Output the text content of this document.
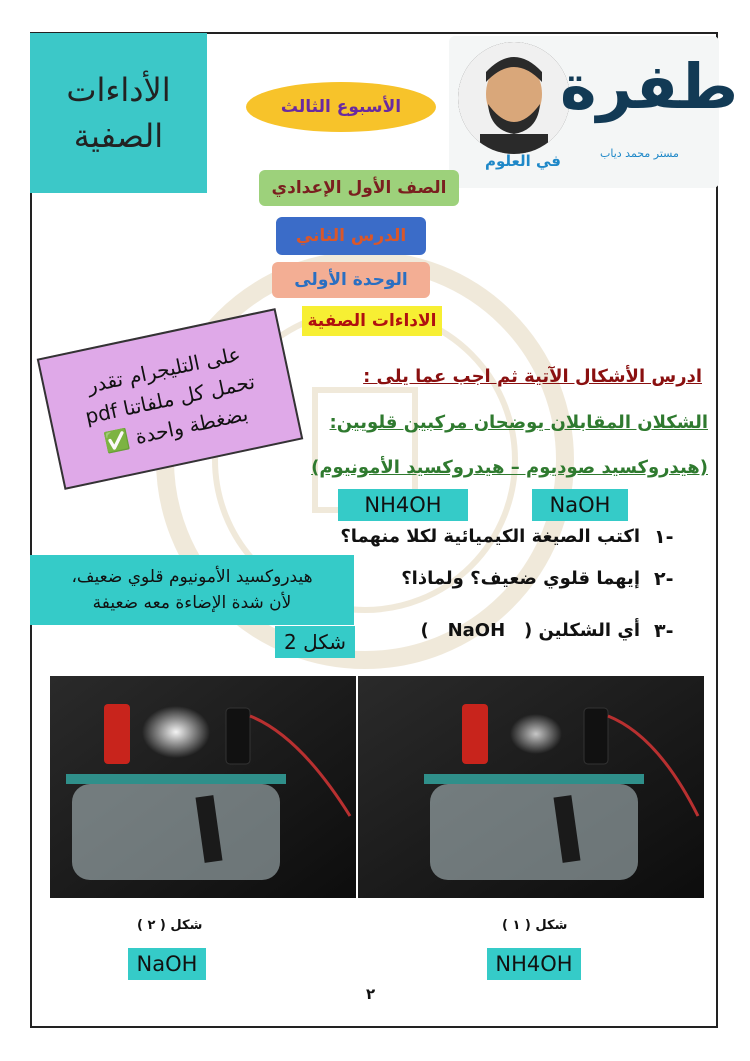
الأداءات
الصفية
الأسبوع الثالث	طفرة
في العلوم	مستر محمد دياب
الصف الأول الإعدادي
الدرس الثاني
الوحدة الأولى
الاداءات الصفية
على التليجرام تقدر
تحمل كل ملفاتنا pdf
بضغطة واحدة ✅
ادرس الأشكال الآتية ثم اجب عما يلى :
الشكلان المقابلان يوضحان مركبين قلويين:
(هيدروكسيد صوديوم – هيدروكسيد الأمونيوم)
NH4OH	NaOH
١-
اكتب الصيغة الكيميائية لكلا منهما؟
٢-
إيهما قلوي ضعيف؟ ولماذا؟
٣-
أي الشكلين (   NaOH   )
هيدروكسيد الأمونيوم قلوي ضعيف،
لأن شدة الإضاءة معه ضعيفة
شكل 2
شكل ( ٢ )	شكل ( ١ )
NaOH	NH4OH
٢
